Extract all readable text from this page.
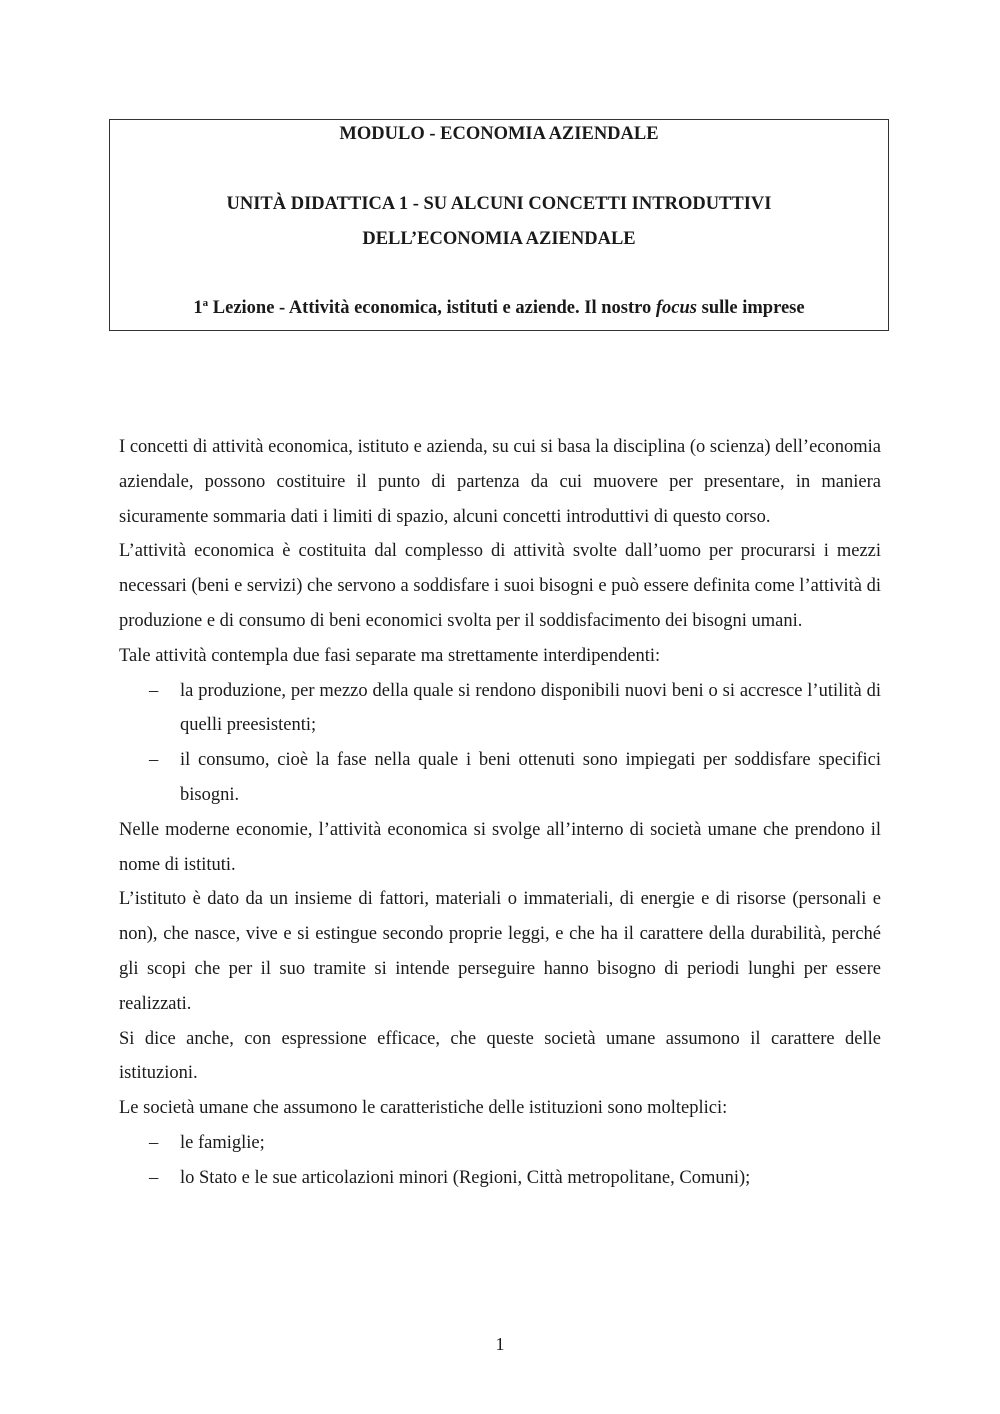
MODULO - ECONOMIA AZIENDALE
UNITÀ DIDATTICA 1 - SU ALCUNI CONCETTI INTRODUTTIVI
DELL’ECONOMIA AZIENDALE
1$^a$ Lezione - Attività economica, istituti e aziende. Il nostro focus sulle imprese

I concetti di attività economica, istituto e azienda, su cui si basa la disciplina (o scienza) dell’economia aziendale, possono costituire il punto di partenza da cui muovere per presentare, in maniera sicuramente sommaria dati i limiti di spazio, alcuni concetti introduttivi di questo corso.

L’attività economica è costituita dal complesso di attività svolte dall’uomo per procurarsi i mezzi necessari (beni e servizi) che servono a soddisfare i suoi bisogni e può essere definita come l’attività di produzione e di consumo di beni economici svolta per il soddisfacimento dei bisogni umani.

Tale attività contempla due fasi separate ma strettamente interdipendenti:

– la produzione, per mezzo della quale si rendono disponibili nuovi beni o si accresce l’utilità di quelli preesistenti;
– il consumo, cioè la fase nella quale i beni ottenuti sono impiegati per soddisfare specifici bisogni.

Nelle moderne economie, l’attività economica si svolge all’interno di società umane che prendono il nome di istituti.

L’istituto è dato da un insieme di fattori, materiali o immateriali, di energie e di risorse (personali e non), che nasce, vive e si estingue secondo proprie leggi, e che ha il carattere della durabilità, perché gli scopi che per il suo tramite si intende perseguire hanno bisogno di periodi lunghi per essere realizzati.

Si dice anche, con espressione efficace, che queste società umane assumono il carattere delle istituzioni.

Le società umane che assumono le caratteristiche delle istituzioni sono molteplici:

– le famiglie;
– lo Stato e le sue articolazioni minori (Regioni, Città metropolitane, Comuni);
1
